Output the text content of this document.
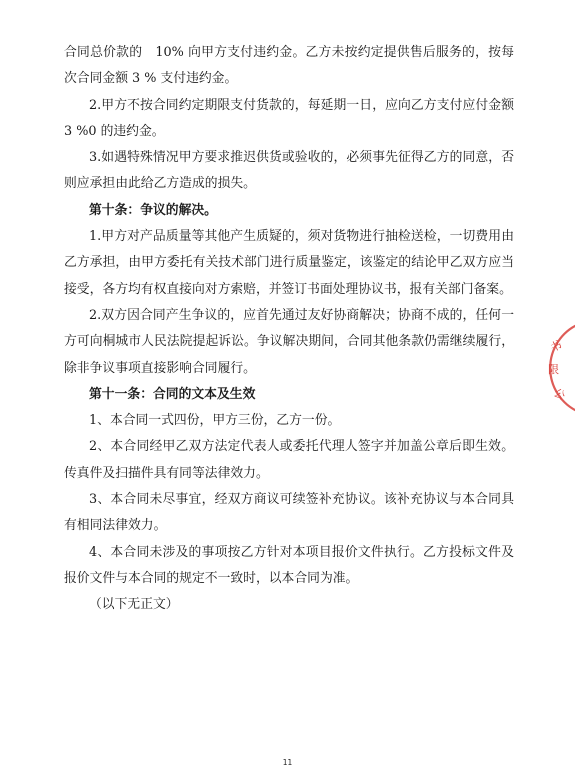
合同总价款的　10% 向甲方支付违约金。乙方未按约定提供售后服务的，按每次合同金额 3 % 支付违约金。

2.甲方不按合同约定期限支付货款的，每延期一日，应向乙方支付应付金额 3 %0 的违约金。

3.如遇特殊情况甲方要求推迟供货或验收的，必须事先征得乙方的同意，否则应承担由此给乙方造成的损失。

第十条：争议的解决。

1.甲方对产品质量等其他产生质疑的，须对货物进行抽检送检，一切费用由乙方承担，由甲方委托有关技术部门进行质量鉴定，该鉴定的结论甲乙双方应当接受，各方均有权直接向对方索赔，并签订书面处理协议书，报有关部门备案。

2.双方因合同产生争议的，应首先通过友好协商解决；协商不成的，任何一方可向桐城市人民法院提起诉讼。争议解决期间，合同其他条款仍需继续履行，除非争议事项直接影响合同履行。

第十一条：合同的文本及生效

1、本合同一式四份，甲方三份，乙方一份。

2、本合同经甲乙双方法定代表人或委托代理人签字并加盖公章后即生效。传真件及扫描件具有同等法律效力。

3、本合同未尽事宜，经双方商议可续签补充协议。该补充协议与本合同具有相同法律效力。

4、本合同未涉及的事项按乙方针对本项目报价文件执行。乙方投标文件及报价文件与本合同的规定不一致时，以本合同为准。

（以下无正文）

书
限
公
11
